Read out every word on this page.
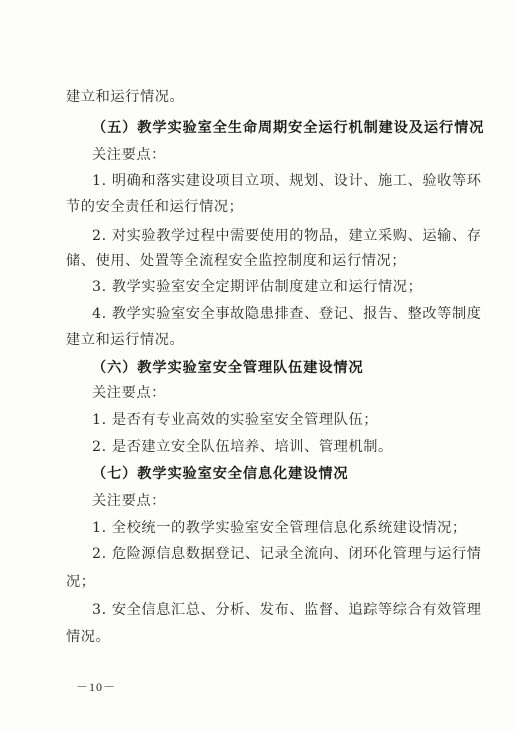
建立和运行情况。
（五）教学实验室全生命周期安全运行机制建设及运行情况
关注要点：
1. 明确和落实建设项目立项、规划、设计、施工、验收等环
节的安全责任和运行情况；
2. 对实验教学过程中需要使用的物品，建立采购、运输、存
储、使用、处置等全流程安全监控制度和运行情况；
3. 教学实验室安全定期评估制度建立和运行情况；
4. 教学实验室安全事故隐患排查、登记、报告、整改等制度
建立和运行情况。
（六）教学实验室安全管理队伍建设情况
关注要点：
1. 是否有专业高效的实验室安全管理队伍；
2. 是否建立安全队伍培养、培训、管理机制。
（七）教学实验室安全信息化建设情况
关注要点：
1. 全校统一的教学实验室安全管理信息化系统建设情况；
2. 危险源信息数据登记、记录全流向、闭环化管理与运行情
况；
3. 安全信息汇总、分析、发布、监督、追踪等综合有效管理
情况。
－10－
